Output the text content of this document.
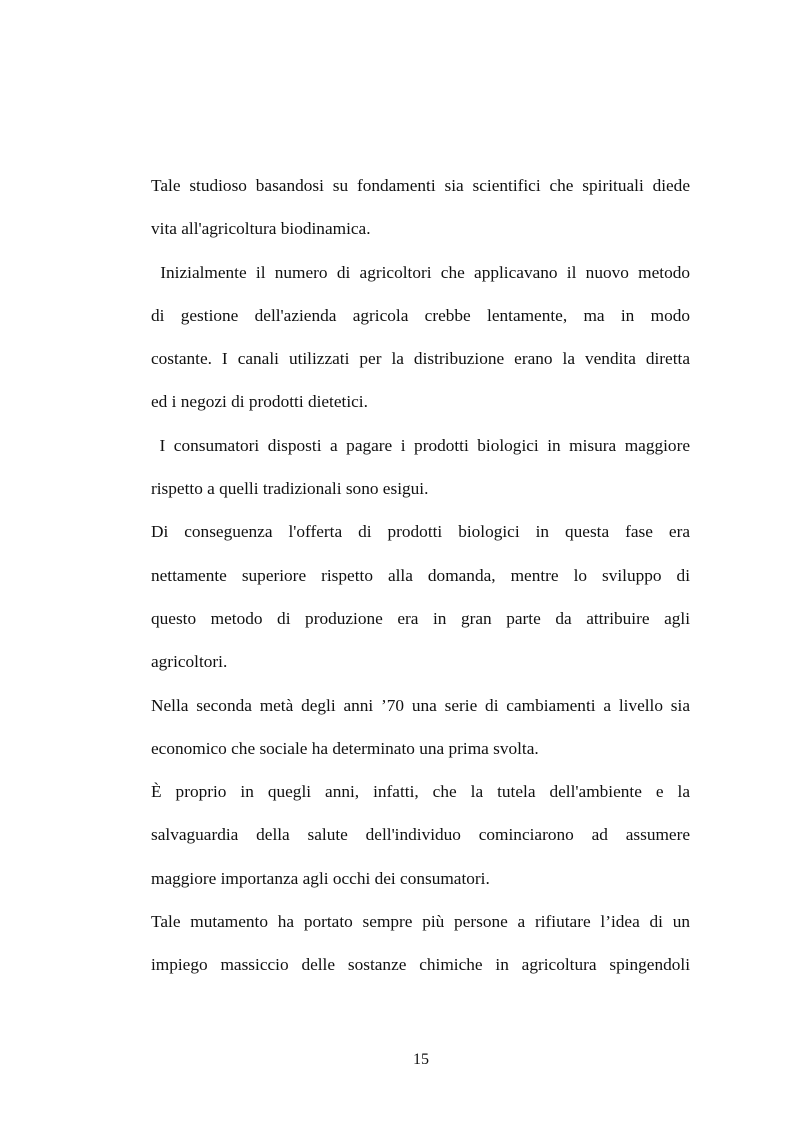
Tale studioso basandosi su fondamenti sia scientifici che spirituali diede
vita all'agricoltura biodinamica.
Inizialmente il numero di agricoltori che applicavano il nuovo metodo
di gestione dell'azienda agricola crebbe lentamente, ma in modo
costante. I canali utilizzati per la distribuzione erano la vendita diretta
ed i negozi di prodotti dietetici.
I consumatori disposti a pagare i prodotti biologici in misura maggiore
rispetto a quelli tradizionali sono esigui.
Di conseguenza l'offerta di prodotti biologici in questa fase era
nettamente superiore rispetto alla domanda, mentre lo sviluppo di
questo metodo di produzione era in gran parte da attribuire agli
agricoltori.
Nella seconda metà degli anni ’70 una serie di cambiamenti a livello sia
economico che sociale ha determinato una prima svolta.
È proprio in quegli anni, infatti, che la tutela dell'ambiente e la
salvaguardia della salute dell'individuo cominciarono ad assumere
maggiore importanza agli occhi dei consumatori.
Tale mutamento ha portato sempre più persone a rifiutare l’idea di un
impiego massiccio delle sostanze chimiche in agricoltura spingendoli
15
